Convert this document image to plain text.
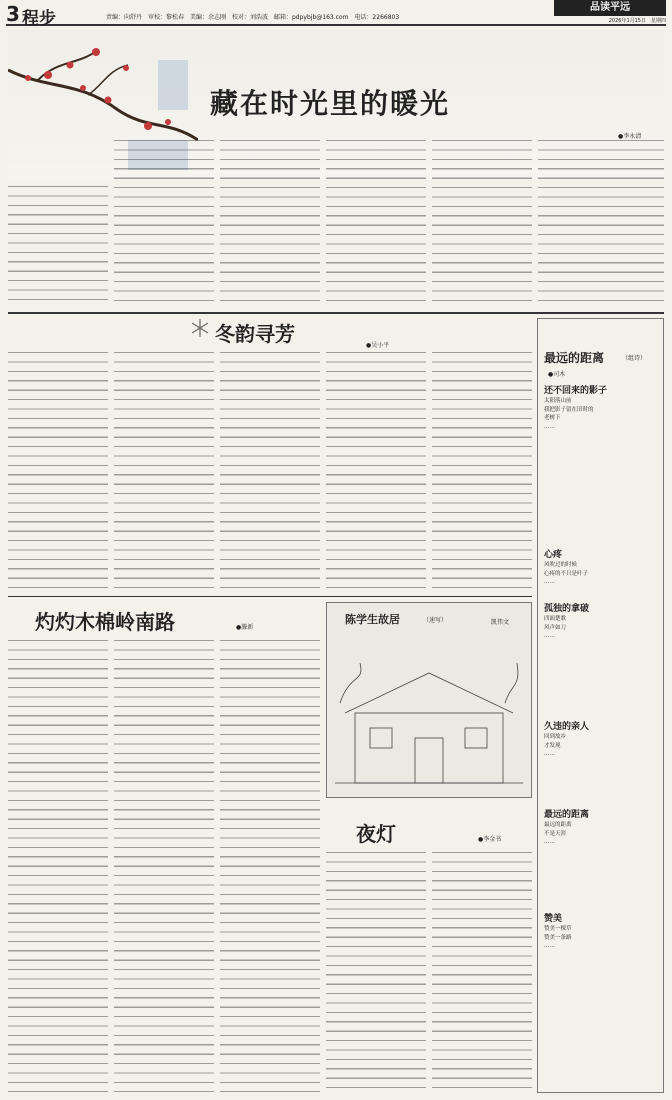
3 程步	责编：向舒丹　审校：黎松春　美编：余志刚　校对：刘浩波　邮箱：pdpybjb@163.com　电话：2266803
品读平远
2026年1月15日　星期四
藏在时光里的暖光
●李永清
冬韵寻芳	●吴小平
最远的距离	（组诗）
●司木
还不回来的影子
太阳落山前
我把影子留在旧时的
老树下
……
心疼
风吹过的时候
心疼的不只是叶子
……
孤独的拿破
四面楚歌
风声如刀
……
久违的亲人
回到故乡
才发现
……
最远的距离
最远的距离
不是天涯
……
赞美
赞美一棵草
赞美一条路
……
灼灼木棉岭南路	●滕新
陈学生故居	（速写）	凯伟文
夜灯	●李金书
